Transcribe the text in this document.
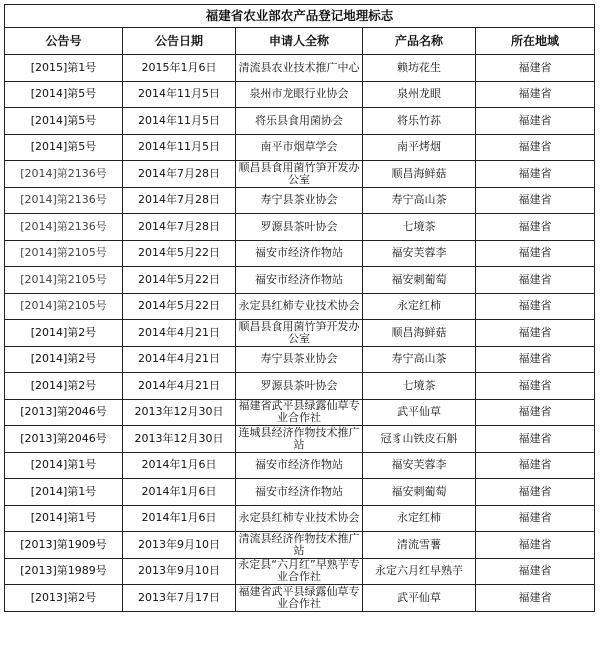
福建省农业部农产品登记地理标志				
公告号	公告日期	申请人全称	产品名称	所在地域
[2015]第1号	2015年1月6日	清流县农业技术推广中心	赖坊花生	福建省
[2014]第5号	2014年11月5日	泉州市龙眼行业协会	泉州龙眼	福建省
[2014]第5号	2014年11月5日	将乐县食用菌协会	将乐竹荪	福建省
[2014]第5号	2014年11月5日	南平市烟草学会	南平烤烟	福建省
[2014]第2136号	2014年7月28日	顺昌县食用菌竹笋开发办公室	顺昌海鲜菇	福建省
[2014]第2136号	2014年7月28日	寿宁县茶业协会	寿宁高山茶	福建省
[2014]第2136号	2014年7月28日	罗源县茶叶协会	七境茶	福建省
[2014]第2105号	2014年5月22日	福安市经济作物站	福安芙蓉李	福建省
[2014]第2105号	2014年5月22日	福安市经济作物站	福安刺葡萄	福建省
[2014]第2105号	2014年5月22日	永定县红柿专业技术协会	永定红柿	福建省
[2014]第2号	2014年4月21日	顺昌县食用菌竹笋开发办公室	顺昌海鲜菇	福建省
[2014]第2号	2014年4月21日	寿宁县茶业协会	寿宁高山茶	福建省
[2014]第2号	2014年4月21日	罗源县茶叶协会	七境茶	福建省
[2013]第2046号	2013年12月30日	福建省武平县绿露仙草专业合作社	武平仙草	福建省
[2013]第2046号	2013年12月30日	连城县经济作物技术推广站	冠豸山铁皮石斛	福建省
[2014]第1号	2014年1月6日	福安市经济作物站	福安芙蓉李	福建省
[2014]第1号	2014年1月6日	福安市经济作物站	福安刺葡萄	福建省
[2014]第1号	2014年1月6日	永定县红柿专业技术协会	永定红柿	福建省
[2013]第1909号	2013年9月10日	清流县经济作物技术推广站	清流雪薯	福建省
[2013]第1989号	2013年9月10日	永定县“六月红”早熟芋专业合作社	永定六月红早熟芋	福建省
[2013]第2号	2013年7月17日	福建省武平县绿露仙草专业合作社	武平仙草	福建省
